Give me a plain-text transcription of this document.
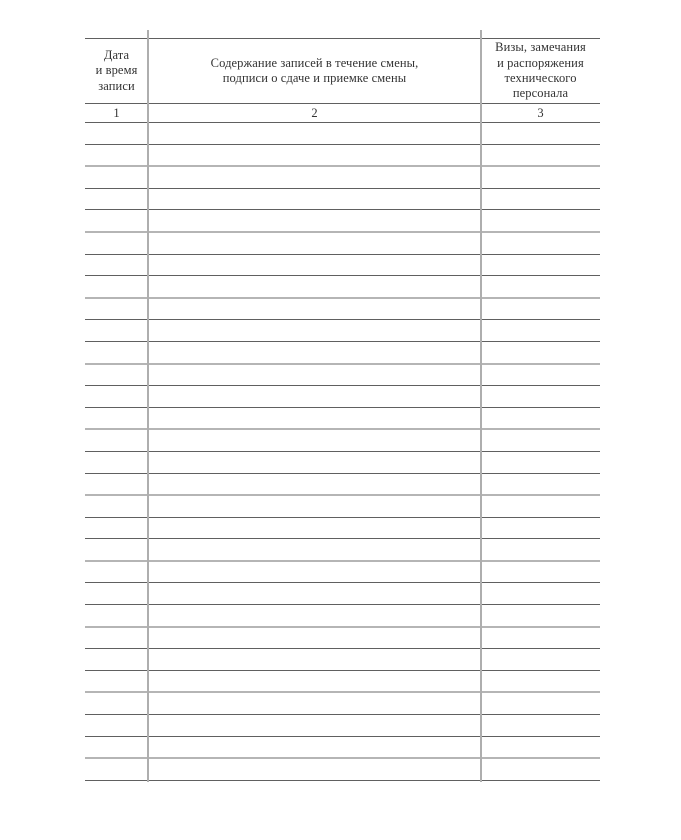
Дата
и время
записи
Содержание записей в течение смены,
подписи о сдаче и приемке смены
Визы, замечания
и распоряжения
технического
персонала
1	2	3
